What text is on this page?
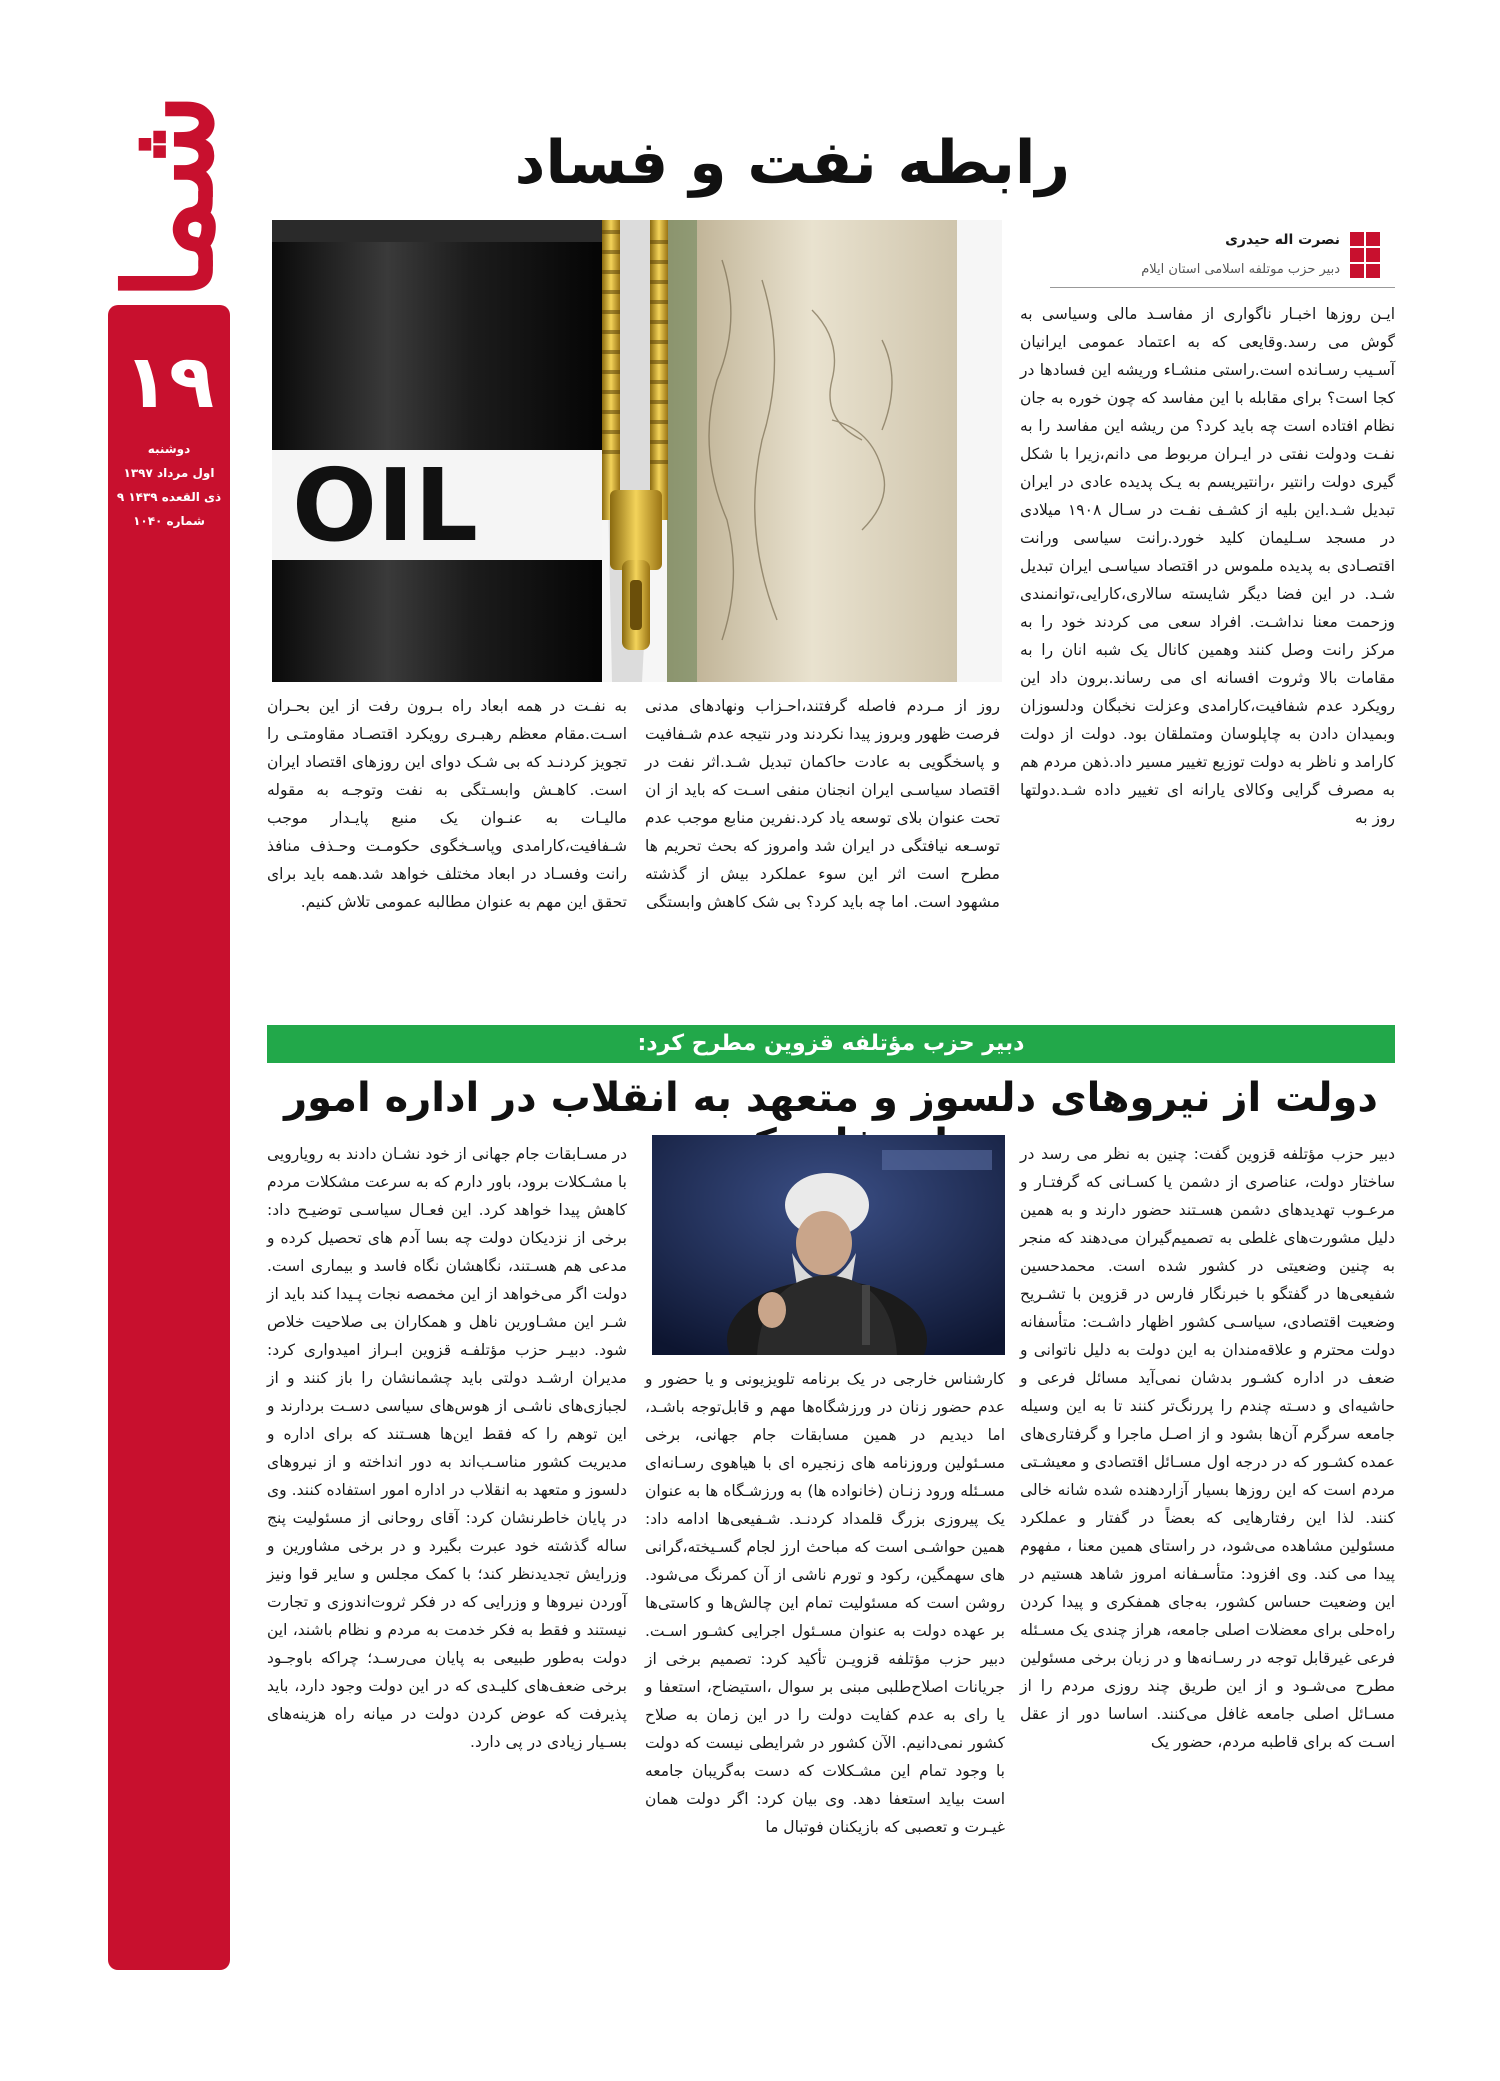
شما
۱۹
دوشنبه
اول مرداد ۱۳۹۷
۹ ذی القعده ۱۴۳۹
شماره ۱۰۴۰
رابطه نفت و فساد
نصرت اله حیدری
دبیر حزب موتلفه اسلامی استان ایلام
OIL
ایـن روزها اخبـار ناگواری از مفاسـد مالی وسیاسی به گوش می رسد.وقایعی که به اعتماد عمومی ایرانیان آسـیب رسـانده است.راستی منشـاء وریشه این فسادها در کجا است؟ برای مقابله با این مفاسد که چون خوره به جان نظام افتاده است چه باید کرد؟ من ریشه این مفاسد را به نفـت ودولت نفتی در ایـران مربوط می دانم،زیرا با شکل گیری دولت رانتیر ،رانتیریسم به یـک پدیده عادی در ایران تبدیل شـد.این بلیه از کشـف نفـت در سـال ۱۹۰۸ میلادی در مسجد سـلیمان کلید خورد.رانت سیاسی ورانت اقتصـادی به پدیده ملموس در اقتصاد سیاسـی ایران تبدیل شـد. در این فضا دیگر شایسته سالاری،کارایی،توانمندی وزحمت معنا نداشـت. افراد سعی می کردند خود را به مرکز رانت وصل کنند وهمین کانال یک شبه انان را به مقامات بالا وثروت افسانه ای می رساند.برون داد این رویکرد عدم شفافیت،کارامدی وعزلت نخبگان ودلسوزان وبمیدان دادن به چاپلوسان ومتملقان بود. دولت از دولت کارامد و ناظر به دولت توزیع تغییر مسیر داد.ذهن مردم هم به مصرف گرایی وکالای یارانه ای تغییر داده شـد.دولتها روز به
روز از مـردم فاصله گرفتند،احـزاب ونهادهای مدنی فرصت ظهور وبروز پیدا نکردند ودر نتیجه عدم شـفافیت و پاسخگویی به عادت حاکمان تبدیل شـد.اثر نفت در اقتصاد سیاسـی ایران انجنان منفی اسـت که باید از ان تحت عنوان بلای توسعه یاد کرد.نفرین منابع موجب عدم توسـعه نیافتگی در ایران شد وامروز که بحث تحریم ها مطرح است اثر این سوء عملکرد بیش از گذشته مشهود است. اما چه باید کرد؟ بی شک کاهش وابستگی
به نفـت در همه ابعاد راه بـرون رفت از این بحـران اسـت.مقام معظم رهبـری رویکرد اقتصـاد مقاومتـی را تجویز کردنـد که بی شـک دوای این روزهای اقتصاد ایران است. کاهـش وابسـتگی به نفت وتوجـه به مقوله مالیـات به عنـوان یک منبع پایـدار موجب شـفافیت،کارامدی وپاسـخگوی حکومـت وحـذف منافذ رانت وفسـاد در ابعاد مختلف خواهد شد.همه باید برای تحقق این مهم به عنوان مطالبه عمومی تلاش کنیم.
دبیر حزب مؤتلفه قزوین مطرح کرد:
دولت از نیروهای دلسوز و متعهد به انقلاب در اداره امور
دبیر حزب مؤتلفه قزوین گفت: چنین به نظر می رسد در ساختار دولت، عناصری از دشمن یا کسـانی که گرفتـار و مرعـوب تهدیدهای دشمن هسـتند حضور دارند و به همین دلیل مشورت‌های غلطی به تصمیم‌گیران می‌دهند که منجر به چنین وضعیتی در کشور شده است. محمدحسین شفیعی‌ها در گفتگو با خبرنگار فارس در قزوین با تشـریح وضعیت اقتصادی، سیاسـی کشور اظهار داشـت: متأسفانه دولت محترم و علاقه‌مندان به این دولت به دلیل ناتوانی و ضعف در اداره کشـور بدشان نمی‌آید مسائل فرعی و حاشیه‌ای و دسـته چندم را پررنگ‌تر کنند تا به این وسیله جامعه سرگرم آن‌ها بشود و از اصـل ماجرا و گرفتاری‌های عمده کشـور که در درجه اول مسـائل اقتصادی و معیشـتی مردم است که این روزها بسیار آزاردهنده شده شانه خالی کنند. لذا این رفتارهایی که بعضاً در گفتار و عملکرد مسئولین مشاهده می‌شود، در راستای همین معنا ، مفهوم پیدا می کند. وی افزود: متأسـفانه امروز شاهد هستیم در این وضعیت حساس کشور، به‌جای همفکری و پیدا کردن راه‌حلی برای معضلات اصلی جامعه، هراز چندی یک مسـئله فرعی غیرقابل توجه در رسـانه‌ها و در زبان برخی مسئولین مطرح می‌شـود و از این طریق چند روزی مردم را از مسـائل اصلی جامعه غافل می‌کنند. اساسا دور از عقل اسـت که برای قاطبه مردم، حضور یک
کارشناس خارجی در یک برنامه تلویزیونی و یا حضور و عدم حضور زنان در ورزشگاه‌ها مهم و قابل‌توجه باشـد، اما دیدیم در همین مسابقات جام جهانی، برخی مسـئولین وروزنامه های زنجیره ای با هیاهوی رسـانه‌ای مسـئله ورود زنـان (خانواده ها) به ورزشـگاه ها به عنوان یک پیروزی بزرگ قلمداد کردنـد. شـفیعی‌ها ادامه داد: همین حواشـی است که مباحث ارز لجام گسـیخته،گرانی های سهمگین، رکود و تورم ناشی از آن کمرنگ می‌شود. روشن است که مسئولیت تمام این چالش‌ها و کاستی‌ها بر عهده دولت به عنوان مسـئول اجرایی کشـور اسـت. دبیر حزب مؤتلفه قزویـن تأکید کرد: تصمیم برخی از جریانات اصلاح‌طلبی مبنی بر سوال ،استیضاح، استعفا و یا رای به عدم کفایت دولت را در این زمان به صلاح کشور نمی‌دانیم. الآن کشور در شرایطی نیست که دولت با وجود تمام این مشـکلات که دست به‌گریبان جامعه است بیاید استعفا دهد. وی بیان کرد: اگر دولت همان غیـرت و تعصبی که بازیکنان فوتبال ما
در مسـابقات جام جهانی از خود نشـان دادند به رویارویی با مشـکلات برود، باور دارم که به سرعت مشکلات مردم کاهش پیدا خواهد کرد. این فعـال سیاسـی توضیـح داد: برخی از نزدیکان دولت چه بسا آدم‌ های تحصیل کرده و مدعی هم هسـتند، نگاهشان نگاه فاسد و بیماری است. دولت اگر می‌خواهد از این مخمصه نجات پـیدا کند باید از شـر این مشـاورین ناهل و همکاران بی صلاحیت خلاص شود. دبیـر حزب مؤتلفـه قزوین ابـراز امیدواری کرد: مدیران ارشـد دولتی باید چشمانشان را باز کنند و از لجبازی‌های ناشـی از هوس‌های سیاسی دسـت بردارند و این توهم را که فقط این‌ها هسـتند که برای اداره و مدیریت کشور مناسـب‌اند به دور انداخته و از نیروهای دلسوز و متعهد به انقلاب در اداره امور استفاده کنند. وی در پایان خاطرنشان کرد: آقای روحانی از مسئولیت پنج ساله گذشته خود عبرت بگیرد و در برخی مشاورین و وزرایش تجدیدنظر کند؛ با کمک مجلس و سایر قوا ونیز آوردن نیروها و وزرایی که در فکر ثروت‌اندوزی و تجارت نیستند و فقط به فکر خدمت به مردم و نظام باشند، این دولت به‌طور طبیعی به پایان می‌رسـد؛ چراکه باوجـود برخی ضعف‌های کلیـدی که در این دولت وجود دارد، باید پذیرفت که عوض کردن دولت در میانه راه هزینه‌های بسـیار زیادی در پی دارد.
